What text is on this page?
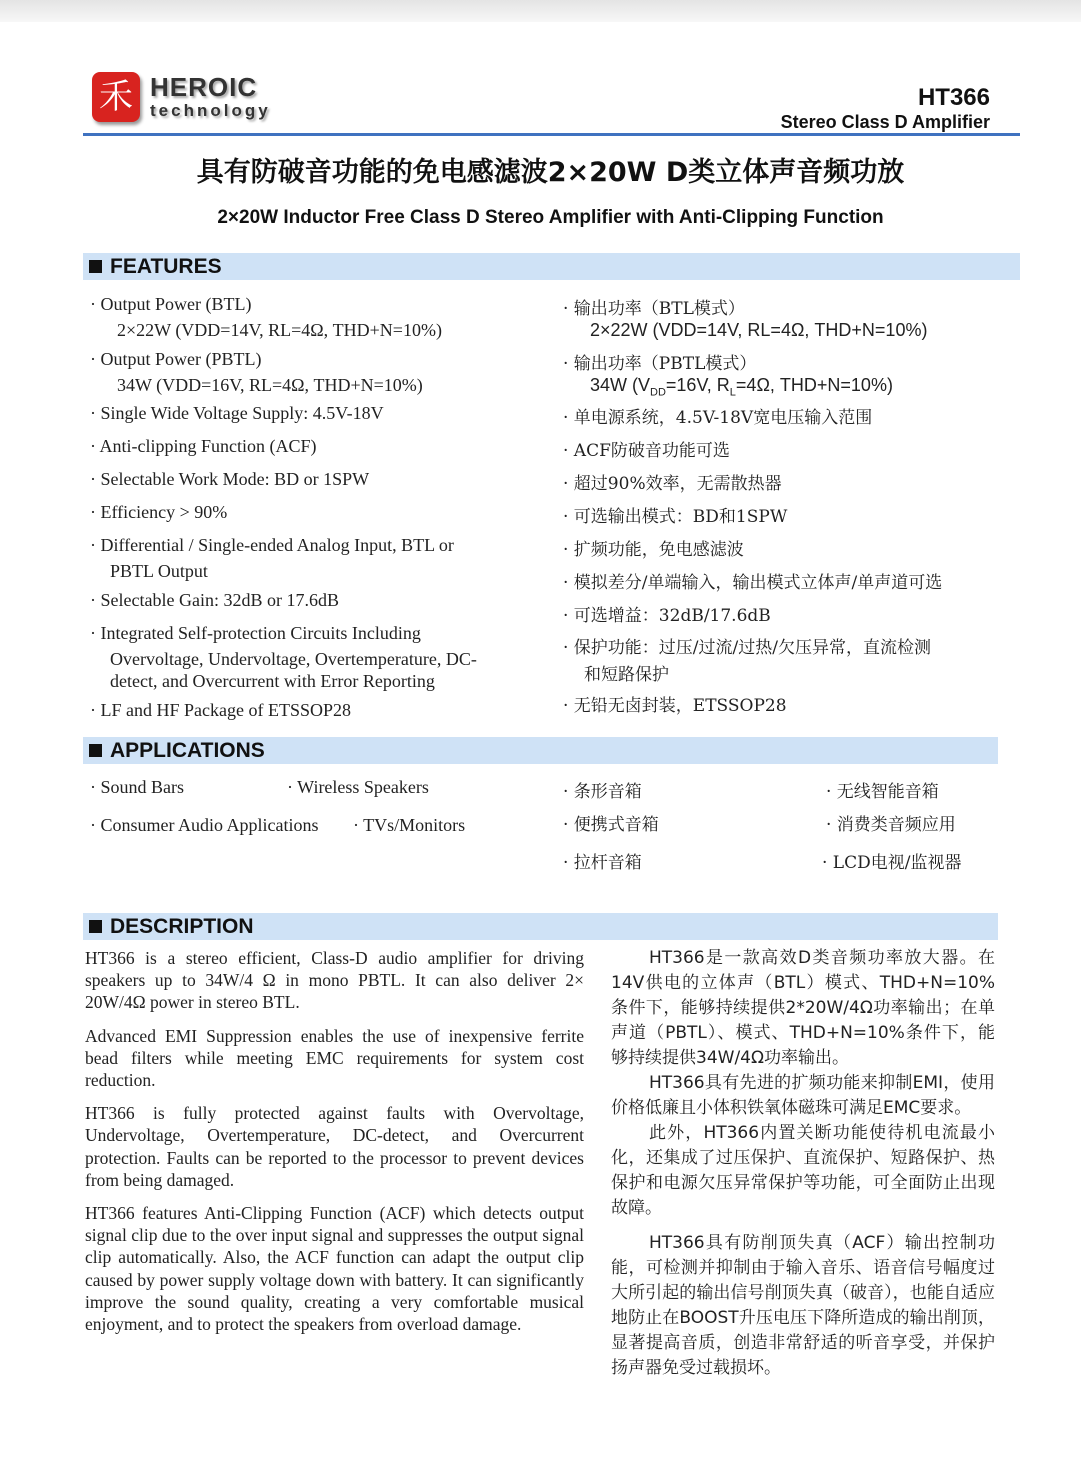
禾 HEROIC
technology	HT366
Stereo Class D Amplifier
具有防破音功能的免电感滤波2×20W D类立体声音频功放
2×20W Inductor Free Class D Stereo Amplifier with Anti-Clipping Function
FEATURES
· Output Power (BTL)
2×22W (VDD=14V, RL=4Ω, THD+N=10%)
· Output Power (PBTL)
34W (VDD=16V, RL=4Ω, THD+N=10%)
· Single Wide Voltage Supply: 4.5V-18V
· Anti-clipping Function (ACF)
· Selectable Work Mode: BD or 1SPW
· Efficiency > 90%
· Differential / Single-ended Analog Input, BTL or
PBTL Output
· Selectable Gain: 32dB or 17.6dB
· Integrated Self-protection Circuits Including
Overvoltage, Undervoltage, Overtemperature, DC-
detect, and Overcurrent with Error Reporting
· LF and HF Package of ETSSOP28
· 输出功率（BTL模式）
2×22W (VDD=14V, RL=4Ω, THD+N=10%)
· 输出功率（PBTL模式）
34W ($V_{DD}=16V$, $R_L=4\Omega$, THD+N=10%)
· 单电源系统，4.5V-18V宽电压输入范围
· ACF防破音功能可选
· 超过90%效率，无需散热器
· 可选输出模式：BD和1SPW
· 扩频功能，免电感滤波
· 模拟差分/单端输入，输出模式立体声/单声道可选
· 可选增益：32dB/17.6dB
· 保护功能：过压/过流/过热/欠压异常，直流检测
和短路保护
· 无铅无卤封装，ETSSOP28
APPLICATIONS
· Sound Bars	· Wireless Speakers
· Consumer Audio Applications · TVs/Monitors
· 条形音箱	· 无线智能音箱
· 便携式音箱	· 消费类音频应用
· 拉杆音箱	· LCD电视/监视器
DESCRIPTION

HT366 is a stereo efficient, Class-D audio amplifier for driving speakers up to 34W/4 Ω in mono PBTL. It can also deliver 2× 20W/4Ω power in stereo BTL.

Advanced EMI Suppression enables the use of inexpensive ferrite bead filters while meeting EMC requirements for system cost reduction.

HT366 is fully protected against faults with Overvoltage, Undervoltage, Overtemperature, DC-detect, and Overcurrent protection. Faults can be reported to the processor to prevent devices from being damaged.

HT366 features Anti-Clipping Function (ACF) which detects output signal clip due to the over input signal and suppresses the output signal clip automatically. Also, the ACF function can adapt the output clip caused by power supply voltage down with battery. It can significantly improve the sound quality, creating a very comfortable musical enjoyment, and to protect the speakers from overload damage.

HT366是一款高效D类音频功率放大器。在14V供电的立体声（BTL）模式、THD+N=10%条件下，能够持续提供2*20W/4Ω功率输出；在单声道（PBTL）、模式、THD+N=10%条件下，能够持续提供34W/4Ω功率输出。

HT366具有先进的扩频功能来抑制EMI，使用价格低廉且小体积铁氧体磁珠可满足EMC要求。

此外，HT366内置关断功能使待机电流最小化，还集成了过压保护、直流保护、短路保护、热保护和电源欠压异常保护等功能，可全面防止出现故障。

HT366具有防削顶失真（ACF）输出控制功能，可检测并抑制由于输入音乐、语音信号幅度过大所引起的输出信号削顶失真（破音），也能自适应地防止在BOOST升压电压下降所造成的输出削顶，显著提高音质，创造非常舒适的听音享受，并保护扬声器免受过载损坏。
